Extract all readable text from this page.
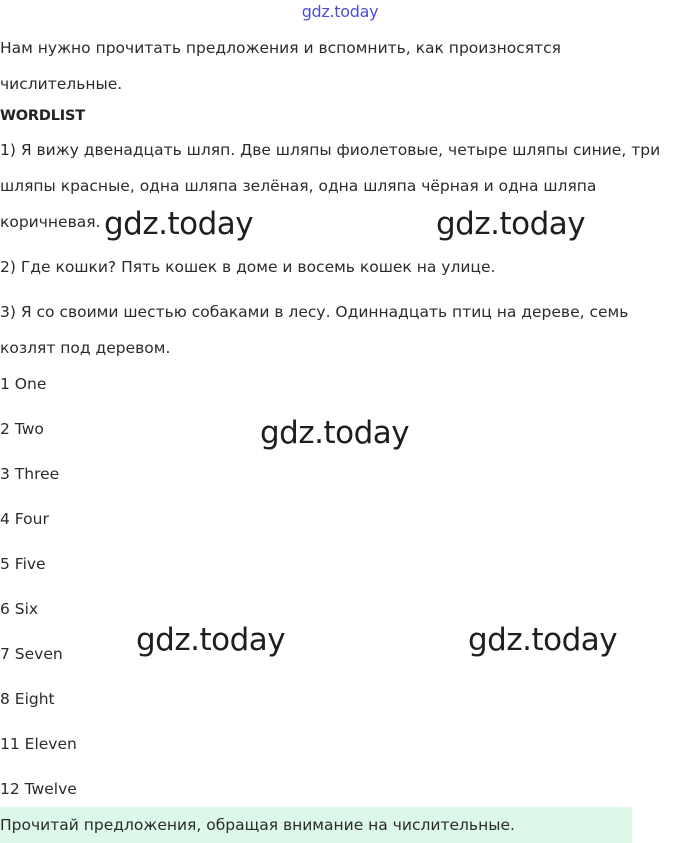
gdz.today

Нам нужно прочитать предложения и вспомнить, как произносятся числительные.

WORDLIST

1) Я вижу двенадцать шляп. Две шляпы фиолетовые, четыре шляпы синие, три шляпы красные, одна шляпа зелёная, одна шляпа чёрная и одна шляпа коричневая.

2) Где кошки? Пять кошек в доме и восемь кошек на улице.

3) Я со своими шестью собаками в лесу. Одиннадцать птиц на дереве, семь козлят под деревом.

1 One
2 Two
3 Three
4 Four
5 Five
6 Six
7 Seven
8 Eight
11 Eleven
12 Twelve
Прочитай предложения, обращая внимание на числительные.
gdz.today	gdz.today
gdz.today
gdz.today	gdz.today
